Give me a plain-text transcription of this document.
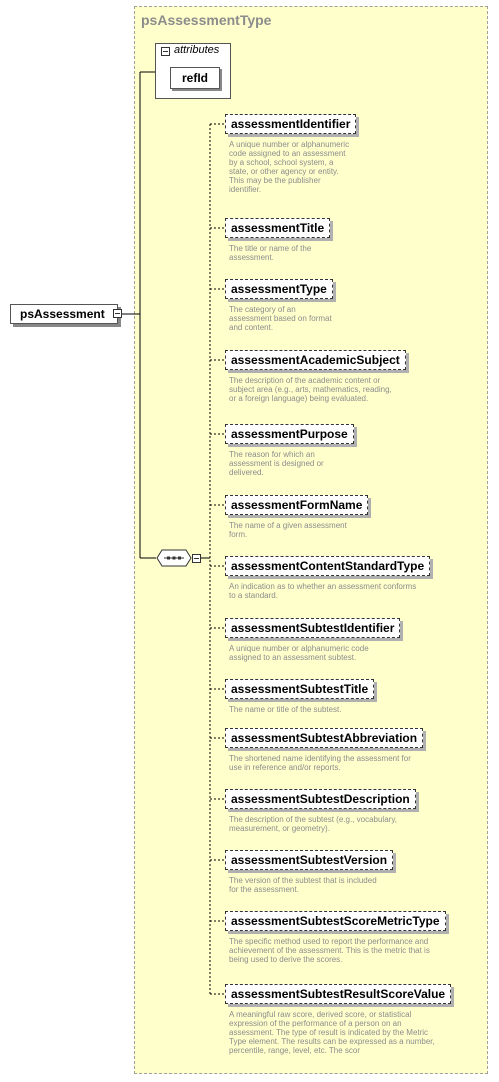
psAssessmentType
attributes
refId
psAssessment
assessmentIdentifier
A unique number or alphanumeric
code assigned to an assessment
by a school, school system, a
state, or other agency or entity.
This may be the publisher
identifier.
assessmentTitle
The title or name of the
assessment.
assessmentType
The category of an
assessment based on format
and content.
assessmentAcademicSubject
The description of the academic content or
subject area (e.g., arts, mathematics, reading,
or a foreign language) being evaluated.
assessmentPurpose
The reason for which an
assessment is designed or
delivered.
assessmentFormName
The name of a given assessment
form.
assessmentContentStandardType
An indication as to whether an assessment conforms
to a standard.
assessmentSubtestIdentifier
A unique number or alphanumeric code
assigned to an assessment subtest.
assessmentSubtestTitle
The name or title of the subtest.
assessmentSubtestAbbreviation
The shortened name identifying the assessment for
use in reference and/or reports.
assessmentSubtestDescription
The description of the subtest (e.g., vocabulary,
measurement, or geometry).
assessmentSubtestVersion
The version of the subtest that is included
for the assessment.
assessmentSubtestScoreMetricType
The specific method used to report the performance and
achievement of the assessment. This is the metric that is
being used to derive the scores.
assessmentSubtestResultScoreValue
A meaningful raw score, derived score, or statistical
expression of the performance of a person on an
assessment. The type of result is indicated by the Metric
Type element. The results can be expressed as a number,
percentile, range, level, etc. The scor
